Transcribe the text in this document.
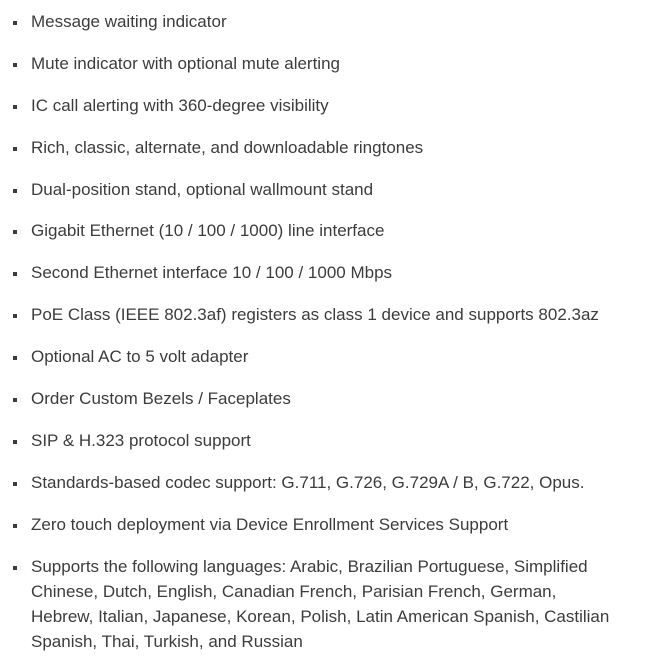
Message waiting indicator
Mute indicator with optional mute alerting
IC call alerting with 360-degree visibility
Rich, classic, alternate, and downloadable ringtones
Dual-position stand, optional wallmount stand
Gigabit Ethernet (10 / 100 / 1000) line interface
Second Ethernet interface 10 / 100 / 1000 Mbps
PoE Class (IEEE 802.3af) registers as class 1 device and supports 802.3az
Optional AC to 5 volt adapter
Order Custom Bezels / Faceplates
SIP & H.323 protocol support
Standards-based codec support: G.711, G.726, G.729A / B, G.722, Opus.
Zero touch deployment via Device Enrollment Services Support
Supports the following languages: Arabic, Brazilian Portuguese, Simplified Chinese, Dutch, English, Canadian French, Parisian French, German, Hebrew, Italian, Japanese, Korean, Polish, Latin American Spanish, Castilian Spanish, Thai, Turkish, and Russian
